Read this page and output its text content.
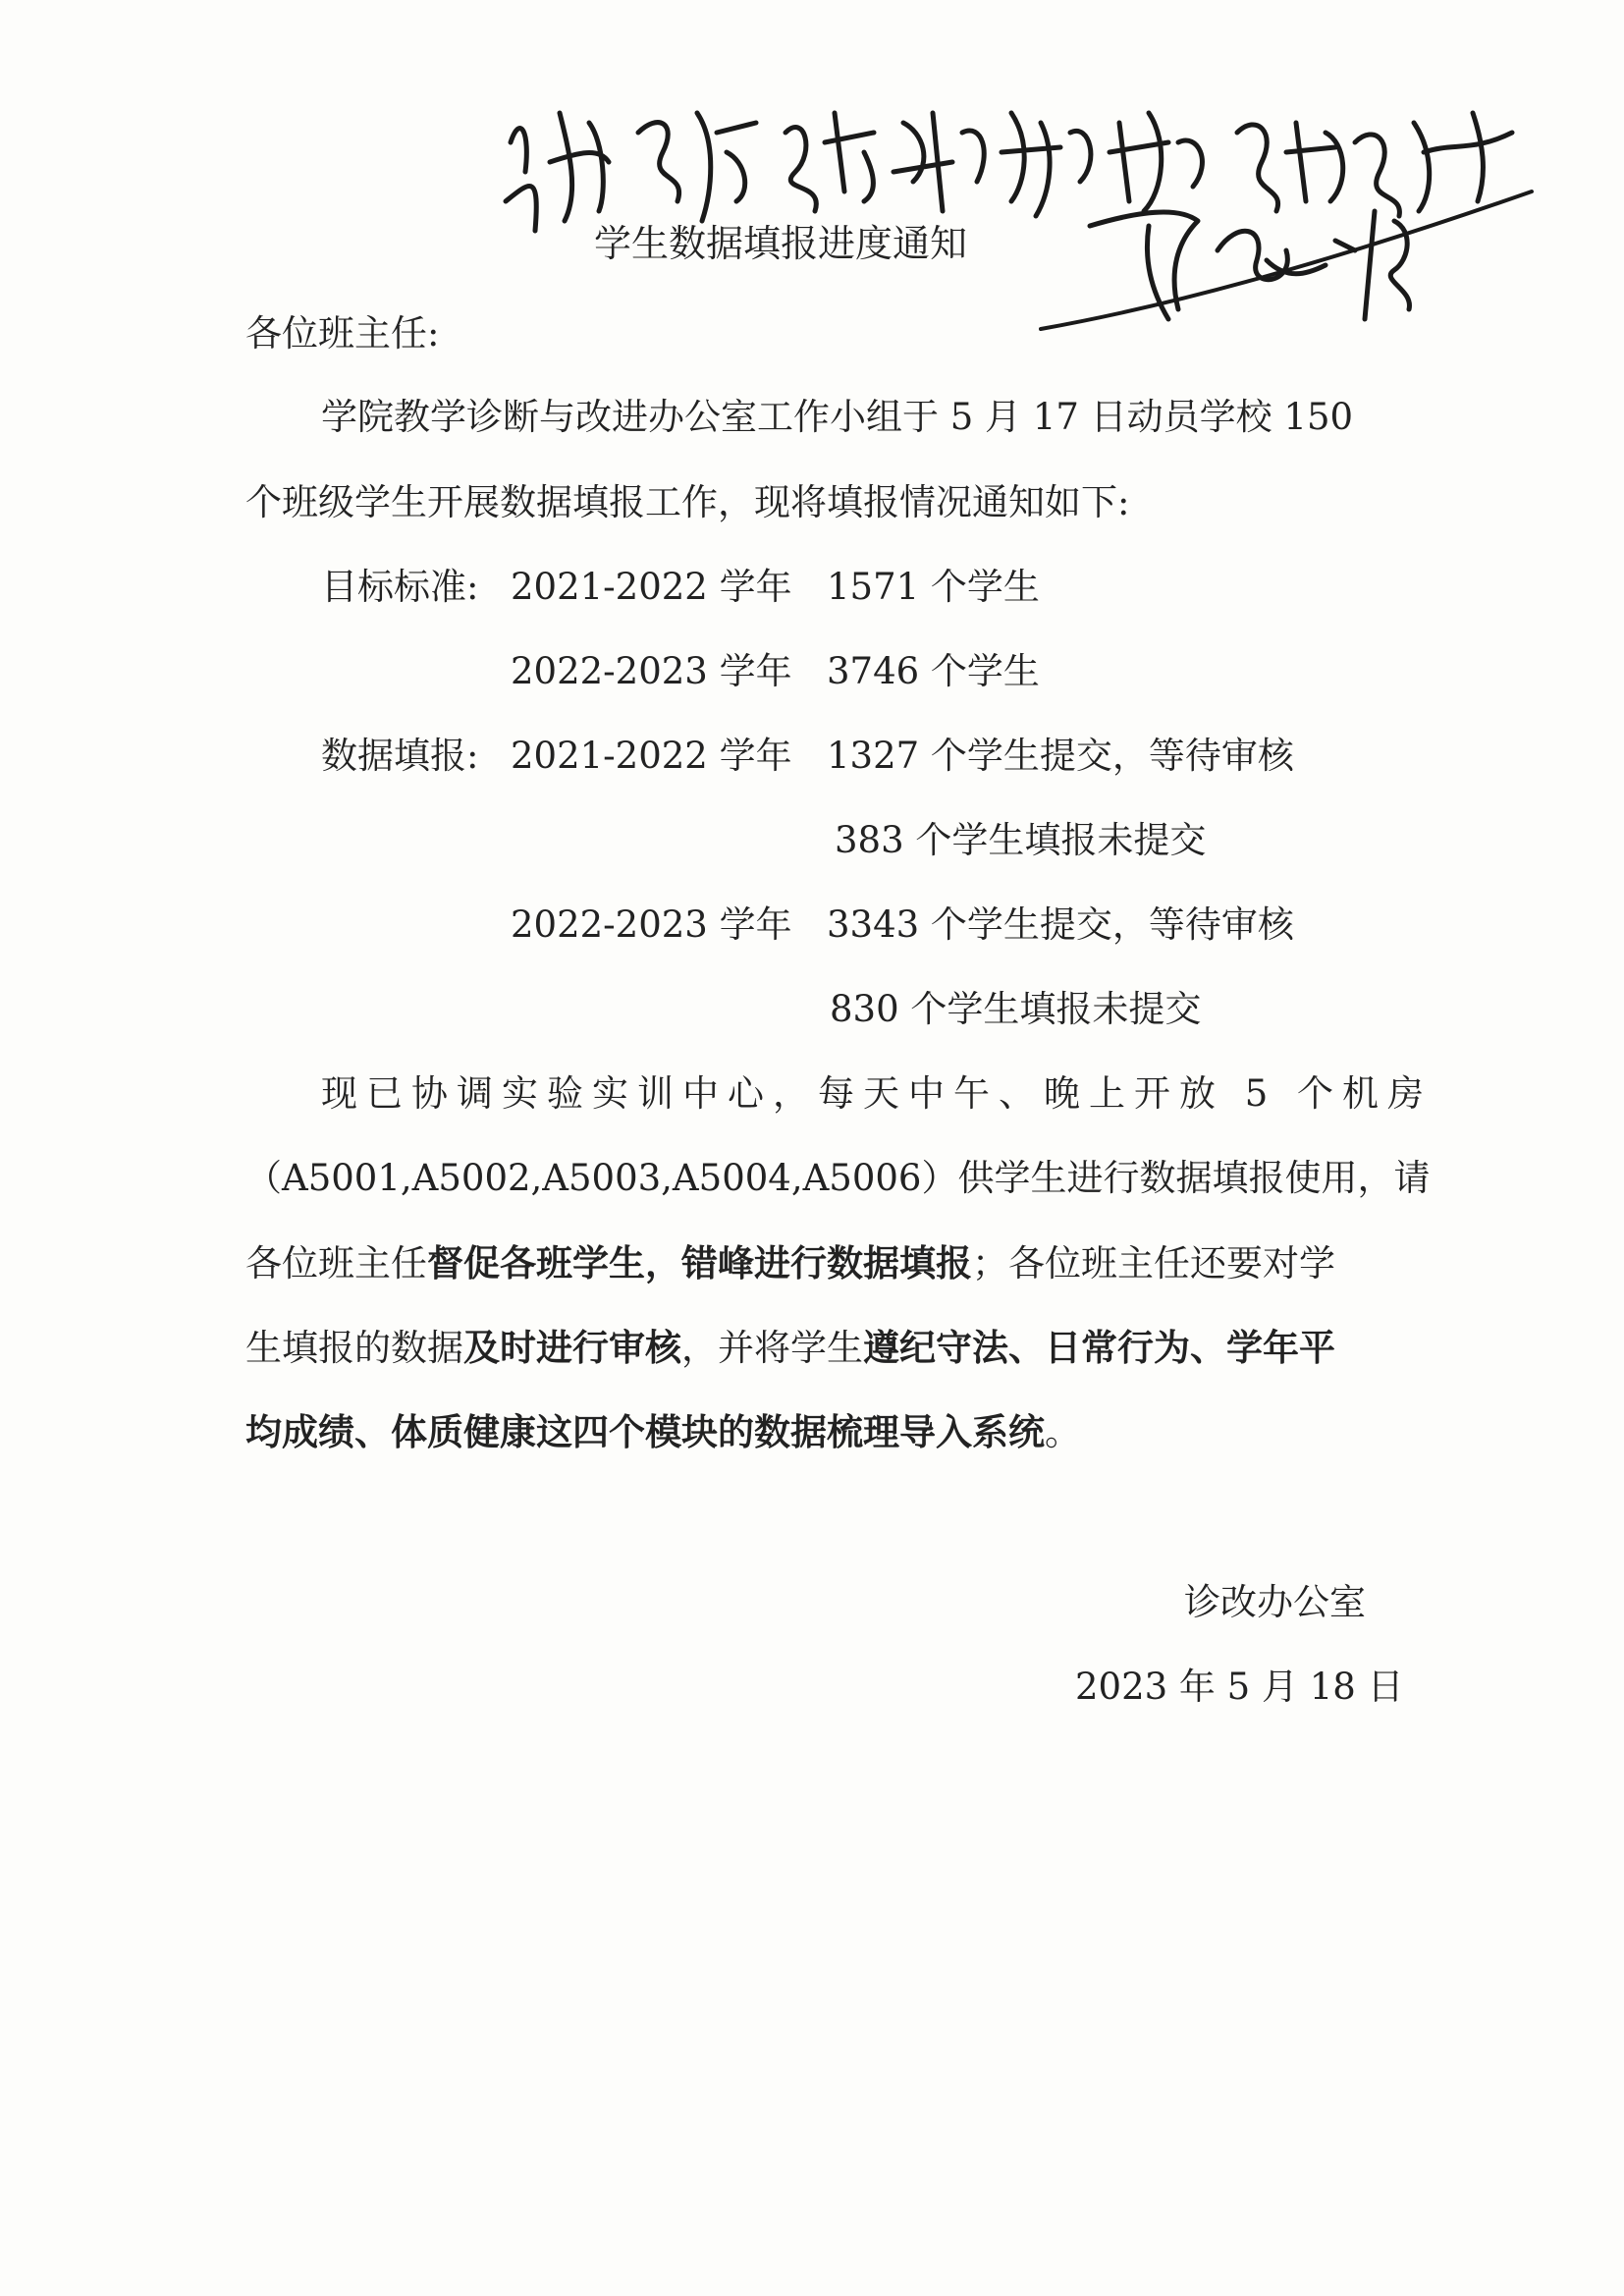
学生数据填报进度通知
各位班主任:
学院教学诊断与改进办公室工作小组于 5 月 17 日动员学校 150
个班级学生开展数据填报工作，现将填报情况通知如下:
目标标准: 2021-2022 学年 1571 个学生
2022-2023 学年 3746 个学生
数据填报: 2021-2022 学年 1327 个学生提交，等待审核
383 个学生填报未提交
2022-2023 学年 3343 个学生提交，等待审核
830 个学生填报未提交
现已协调实验实训中心，每天中午、晚上开放 5 个机房
（A5001,A5002,A5003,A5004,A5006）供学生进行数据填报使用，请
各位班主任督促各班学生，错峰进行数据填报；各位班主任还要对学
生填报的数据及时进行审核，并将学生遵纪守法、日常行为、学年平
均成绩、体质健康这四个模块的数据梳理导入系统。
诊改办公室
2023 年 5 月 18 日
